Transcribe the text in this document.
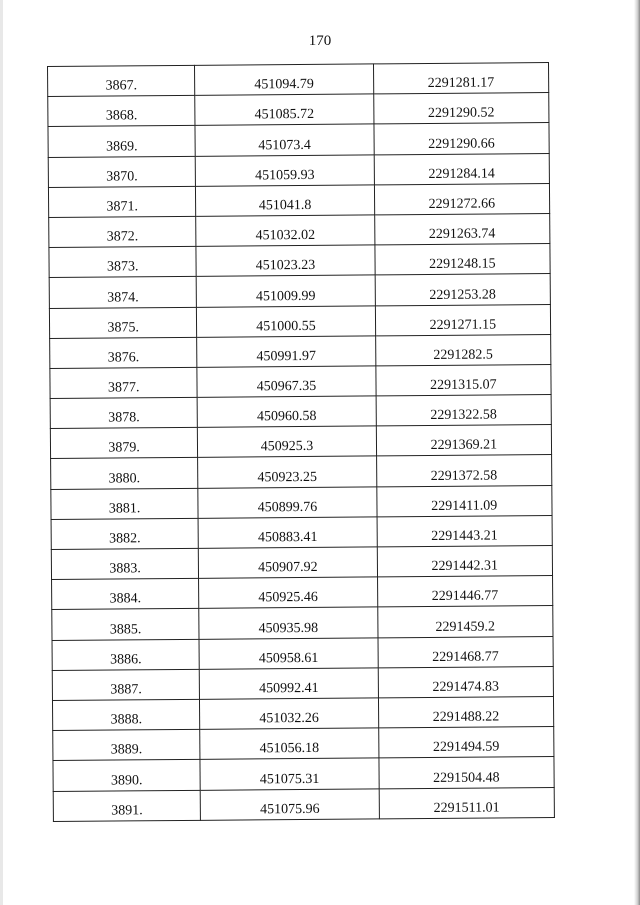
170
3867.	451094.79	2291281.17
3868.	451085.72	2291290.52
3869.	451073.4	2291290.66
3870.	451059.93	2291284.14
3871.	451041.8	2291272.66
3872.	451032.02	2291263.74
3873.	451023.23	2291248.15
3874.	451009.99	2291253.28
3875.	451000.55	2291271.15
3876.	450991.97	2291282.5
3877.	450967.35	2291315.07
3878.	450960.58	2291322.58
3879.	450925.3	2291369.21
3880.	450923.25	2291372.58
3881.	450899.76	2291411.09
3882.	450883.41	2291443.21
3883.	450907.92	2291442.31
3884.	450925.46	2291446.77
3885.	450935.98	2291459.2
3886.	450958.61	2291468.77
3887.	450992.41	2291474.83
3888.	451032.26	2291488.22
3889.	451056.18	2291494.59
3890.	451075.31	2291504.48
3891.	451075.96	2291511.01
